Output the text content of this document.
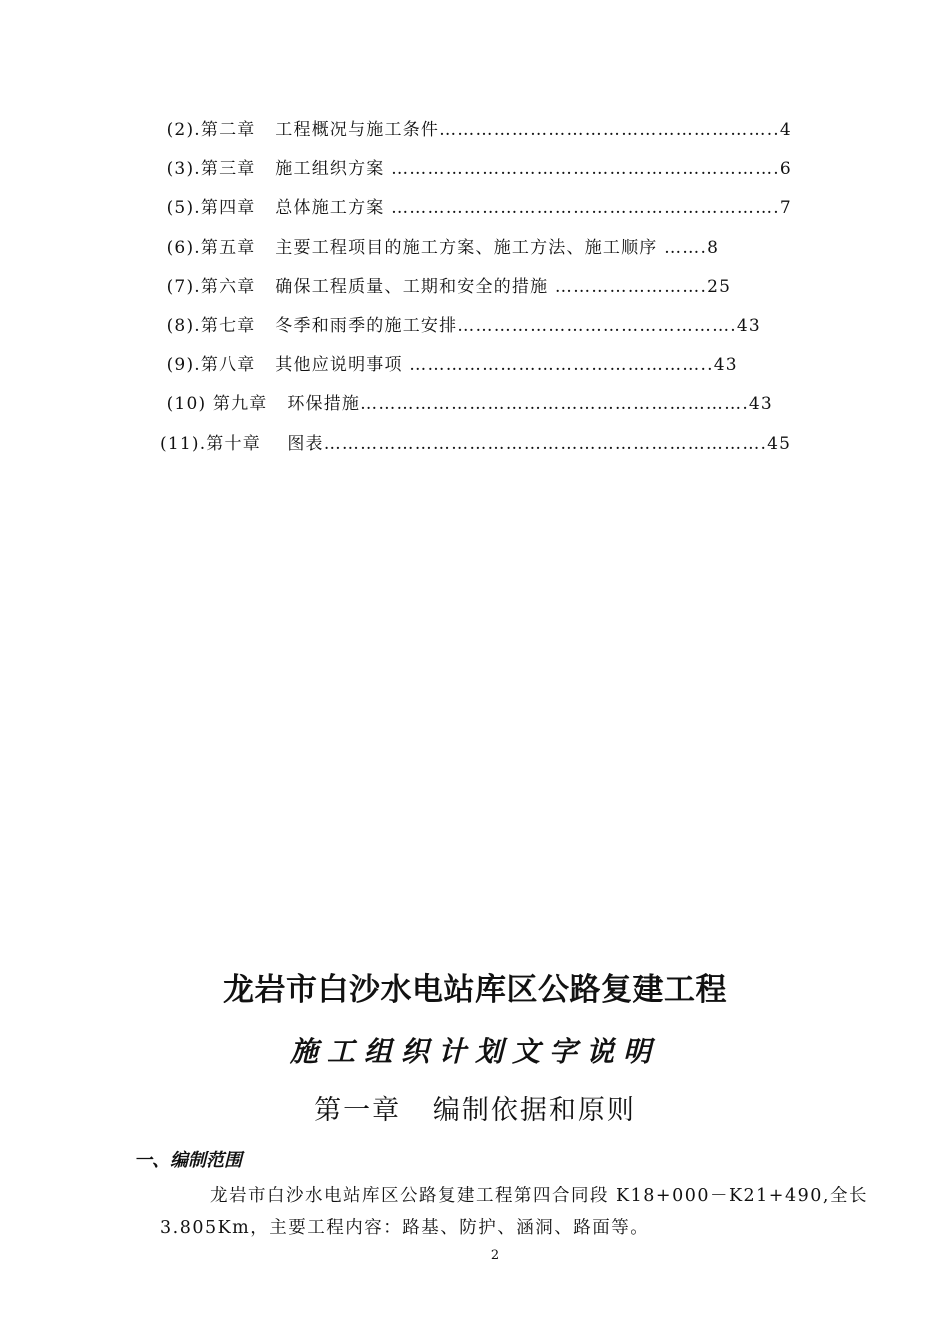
(2).第二章   工程概况与施工条件………………………………………………..4
(3).第三章   施工组织方案 ……………………………………………………….6
(5).第四章   总体施工方案 ……………………………………………………….7
(6).第五章   主要工程项目的施工方案、施工方法、施工顺序 …….8
(7).第六章   确保工程质量、工期和安全的措施 …………………….25
(8).第七章   冬季和雨季的施工安排……………………………………….43
(9).第八章   其他应说明事项 …………………………………………..43
(10) 第九章   环保措施……………………………………………………….43
(11).第十章    图表……………………………………………………………….45
龙岩市白沙水电站库区公路复建工程
施工组织计划文字说明
第一章   编制依据和原则
一、编制范围
龙岩市白沙水电站库区公路复建工程第四合同段 K18+000－K21+490,全长 3.805Km，主要工程内容：路基、防护、涵洞、路面等。
2
